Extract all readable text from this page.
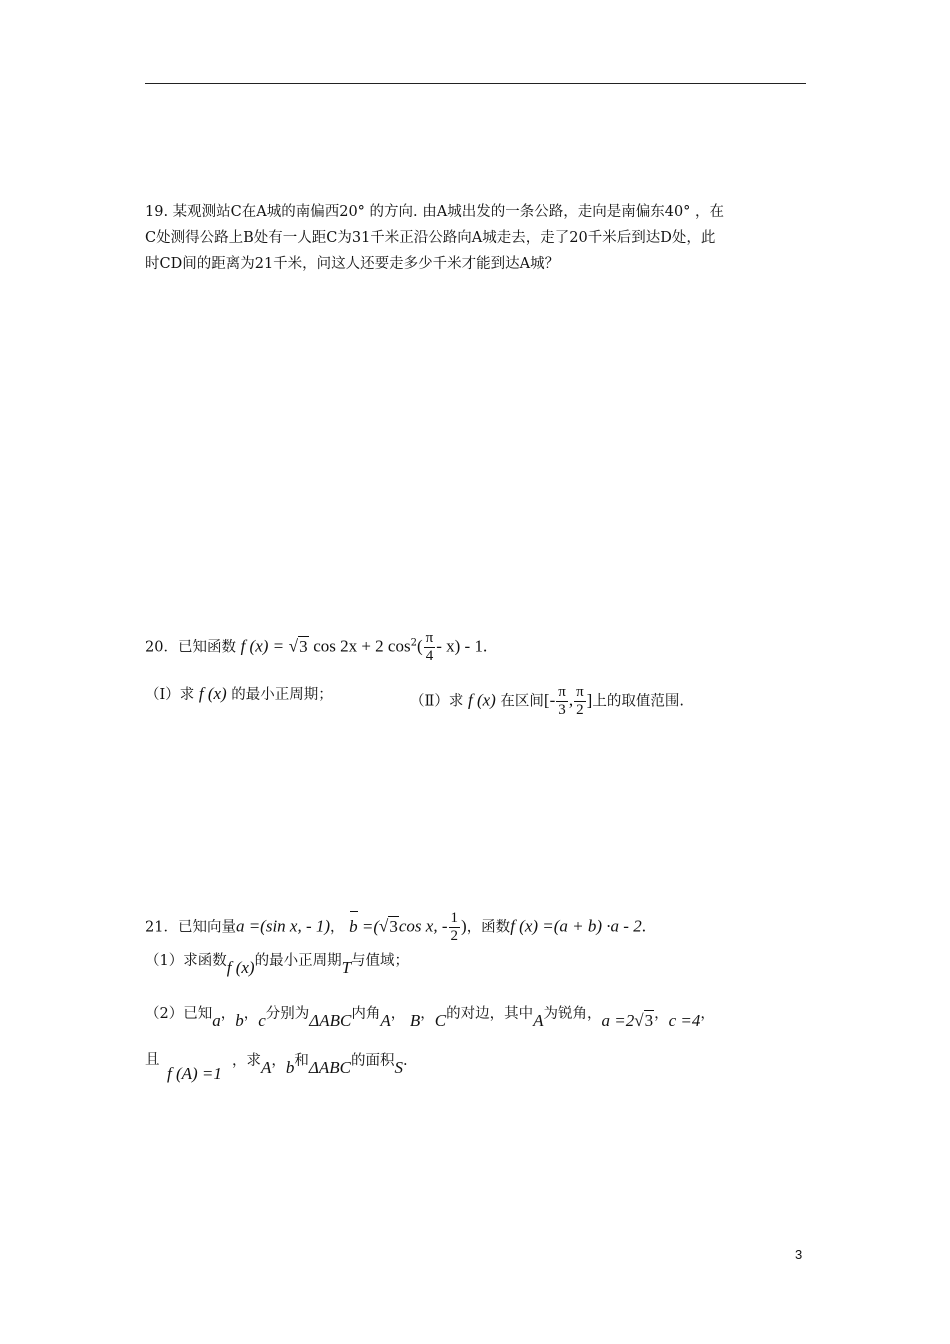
19. 某观测站C在A城的南偏西20° 的方向. 由A城出发的一条公路，走向是南偏东40° ，在
C处测得公路上B处有一人距C为31千米正沿公路向A城走去，走了20千米后到达D处，此
时CD间的距离为21千米，问这人还要走多少千米才能到达A城？
20．已知函数 f (x) = √3 cos 2x + 2 $\cos^2( \frac{\pi}{4} - x) - 1$.
（Ⅰ）求 f (x) 的最小正周期；	（Ⅱ）求 f (x) 在区间[- $\frac{\pi}{3}$ , $\frac{\pi}{2}$ ]上的取值范围.
21．已知向量a =(sin x, - 1)， b =(√3cos x, - $\frac{1}{2}$ )，函数f (x) =(a + b) ·a - 2.
（1）求函数f (x)的最小正周期T与值域；
（2）已知a，b，c分别为ΔABC内角A， B，C的对边，其中A为锐角，a =2√3，c =4，
且
f (A) =1
，求A，b和ΔABC的面积S.
3
